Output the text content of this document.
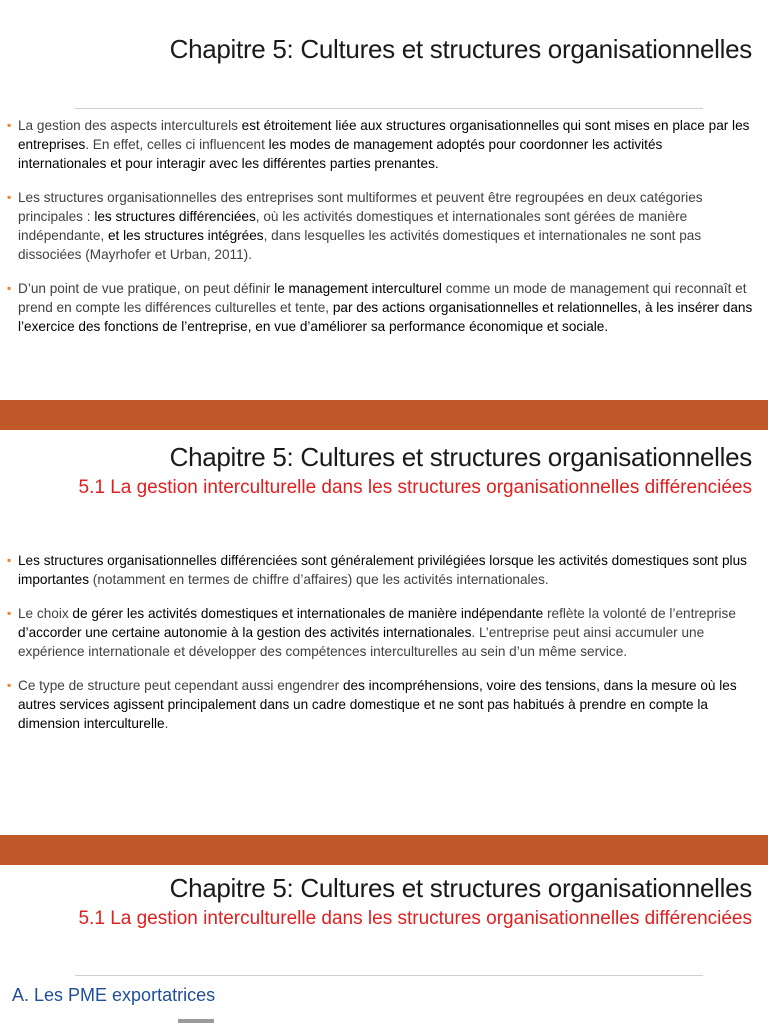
Chapitre 5: Cultures et structures organisationnelles
▪ La gestion des aspects interculturels est étroitement liée aux structures organisationnelles qui sont mises en place par les entreprises. En effet, celles ci influencent les modes de management adoptés pour coordonner les activités internationales et pour interagir avec les différentes parties prenantes.
▪ Les structures organisationnelles des entreprises sont multiformes et peuvent être regroupées en deux catégories principales : les structures différenciées, où les activités domestiques et internationales sont gérées de manière indépendante, et les structures intégrées, dans lesquelles les activités domestiques et internationales ne sont pas dissociées (Mayrhofer et Urban, 2011).
▪ D’un point de vue pratique, on peut définir le management interculturel comme un mode de management qui reconnaît et prend en compte les différences culturelles et tente, par des actions organisationnelles et relationnelles, à les insérer dans l’exercice des fonctions de l’entreprise, en vue d’améliorer sa performance économique et sociale.
Chapitre 5: Cultures et structures organisationnelles
5.1 La gestion interculturelle dans les structures organisationnelles différenciées
▪ Les structures organisationnelles différenciées sont généralement privilégiées lorsque les activités domestiques sont plus importantes (notamment en termes de chiffre d’affaires) que les activités internationales.
▪ Le choix de gérer les activités domestiques et internationales de manière indépendante reflète la volonté de l’entreprise d’accorder une certaine autonomie à la gestion des activités internationales. L’entreprise peut ainsi accumuler une expérience internationale et développer des compétences interculturelles au sein d’un même service.
▪ Ce type de structure peut cependant aussi engendrer des incompréhensions, voire des tensions, dans la mesure où les autres services agissent principalement dans un cadre domestique et ne sont pas habitués à prendre en compte la dimension interculturelle.
Chapitre 5: Cultures et structures organisationnelles
5.1 La gestion interculturelle dans les structures organisationnelles différenciées
A. Les PME exportatrices
